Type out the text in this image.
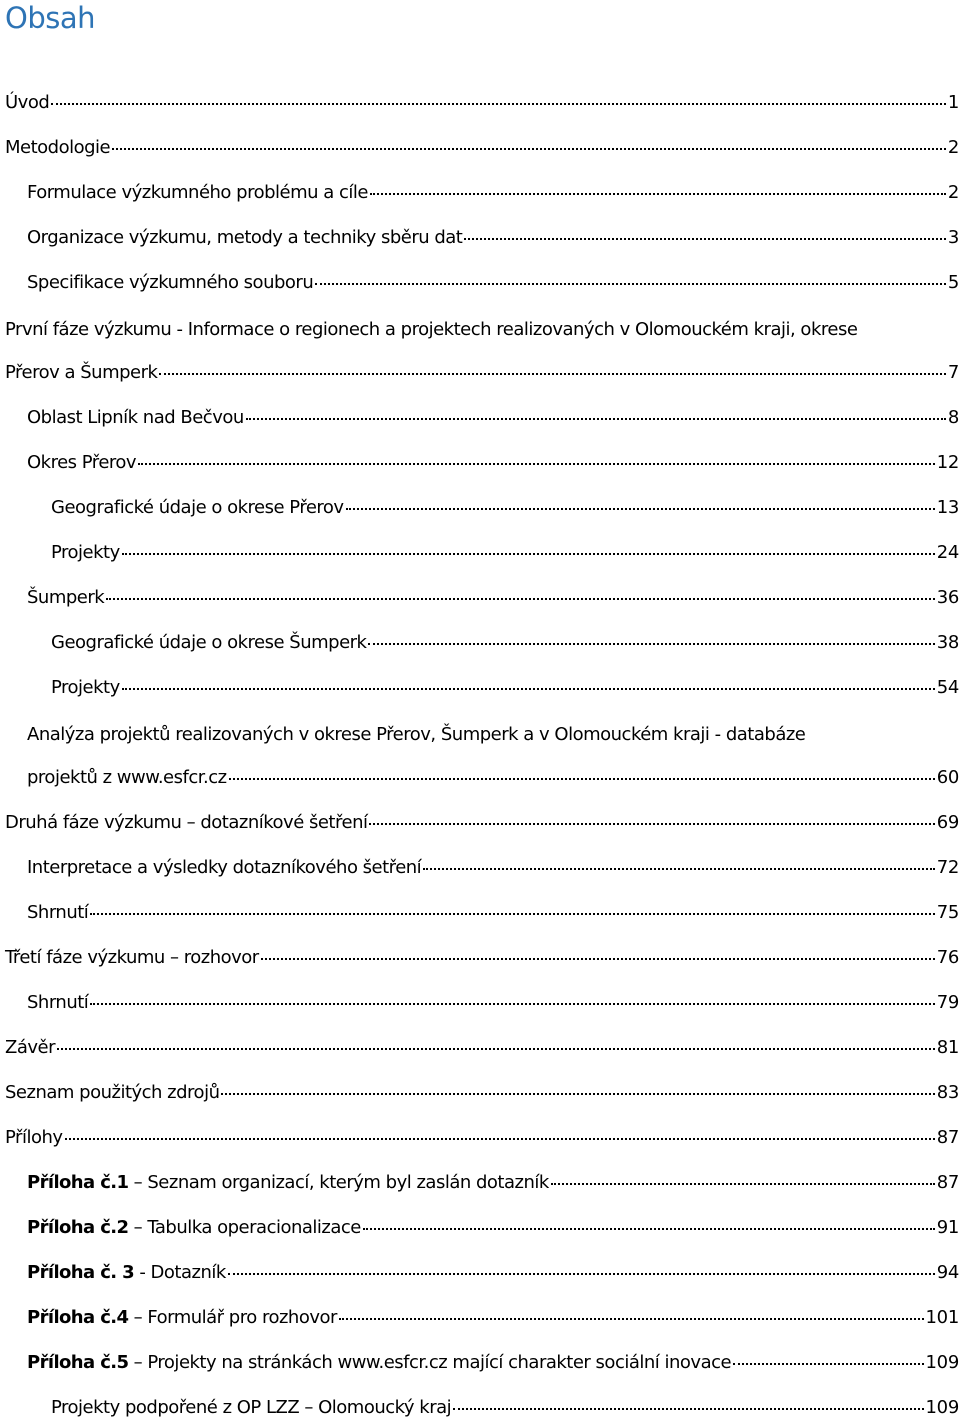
Obsah
Úvod	1
Metodologie	2
Formulace výzkumného problému a cíle	2
Organizace výzkumu, metody a techniky sběru dat	3
Specifikace výzkumného souboru	5
První fáze výzkumu - Informace o regionech a projektech realizovaných v Olomouckém kraji, okrese
Přerov a Šumperk	7
Oblast Lipník nad Bečvou	8
Okres Přerov	12
Geografické údaje o okrese Přerov	13
Projekty	24
Šumperk	36
Geografické údaje o okrese Šumperk	38
Projekty	54
Analýza projektů realizovaných v okrese Přerov, Šumperk a v Olomouckém kraji - databáze
projektů z www.esfcr.cz	60
Druhá fáze výzkumu – dotazníkové šetření	69
Interpretace a výsledky dotazníkového šetření	72
Shrnutí	75
Třetí fáze výzkumu – rozhovor	76
Shrnutí	79
Závěr	81
Seznam použitých zdrojů	83
Přílohy	87
Příloha č.1 – Seznam organizací, kterým byl zaslán dotazník	87
Příloha č.2 – Tabulka operacionalizace	91
Příloha č. 3 - Dotazník	94
Příloha č.4 – Formulář pro rozhovor	101
Příloha č.5 – Projekty na stránkách www.esfcr.cz mající charakter sociální inovace	109
Projekty podpořené z OP LZZ – Olomoucký kraj	109
